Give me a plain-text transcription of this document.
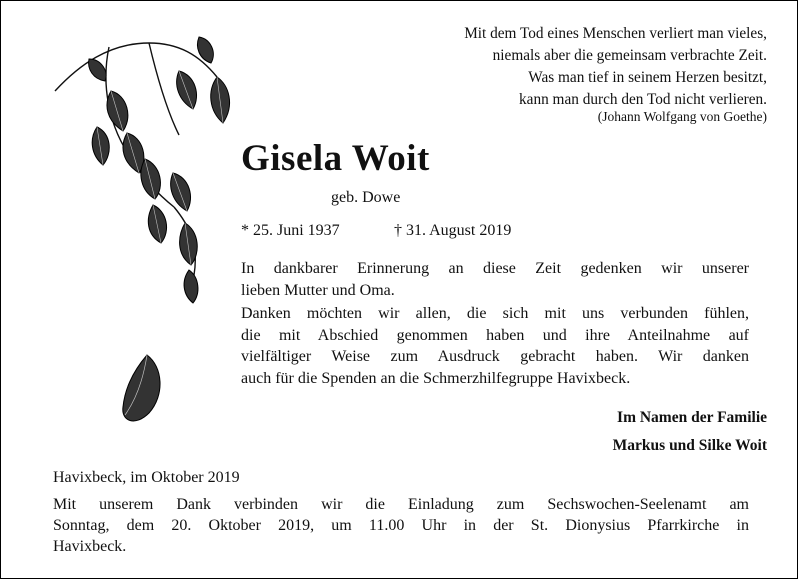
Mit dem Tod eines Menschen verliert man vieles,
niemals aber die gemeinsam verbrachte Zeit.
Was man tief in seinem Herzen besitzt,
kann man durch den Tod nicht verlieren.
(Johann Wolfgang von Goethe)
Gisela Woit
geb. Dowe
* 25. Juni 1937	† 31. August 2019
In dankbarer Erinnerung an diese Zeit gedenken wir unserer
lieben Mutter und Oma.
Danken möchten wir allen, die sich mit uns verbunden fühlen,
die mit Abschied genommen haben und ihre Anteilnahme auf
vielfältiger Weise zum Ausdruck gebracht haben. Wir danken
auch für die Spenden an die Schmerzhilfegruppe Havixbeck.
Im Namen der Familie
Markus und Silke Woit
Havixbeck, im Oktober 2019
Mit unserem Dank verbinden wir die Einladung zum Sechswochen-Seelenamt am
Sonntag, dem 20. Oktober 2019, um 11.00 Uhr in der St. Dionysius Pfarrkirche in
Havixbeck.
